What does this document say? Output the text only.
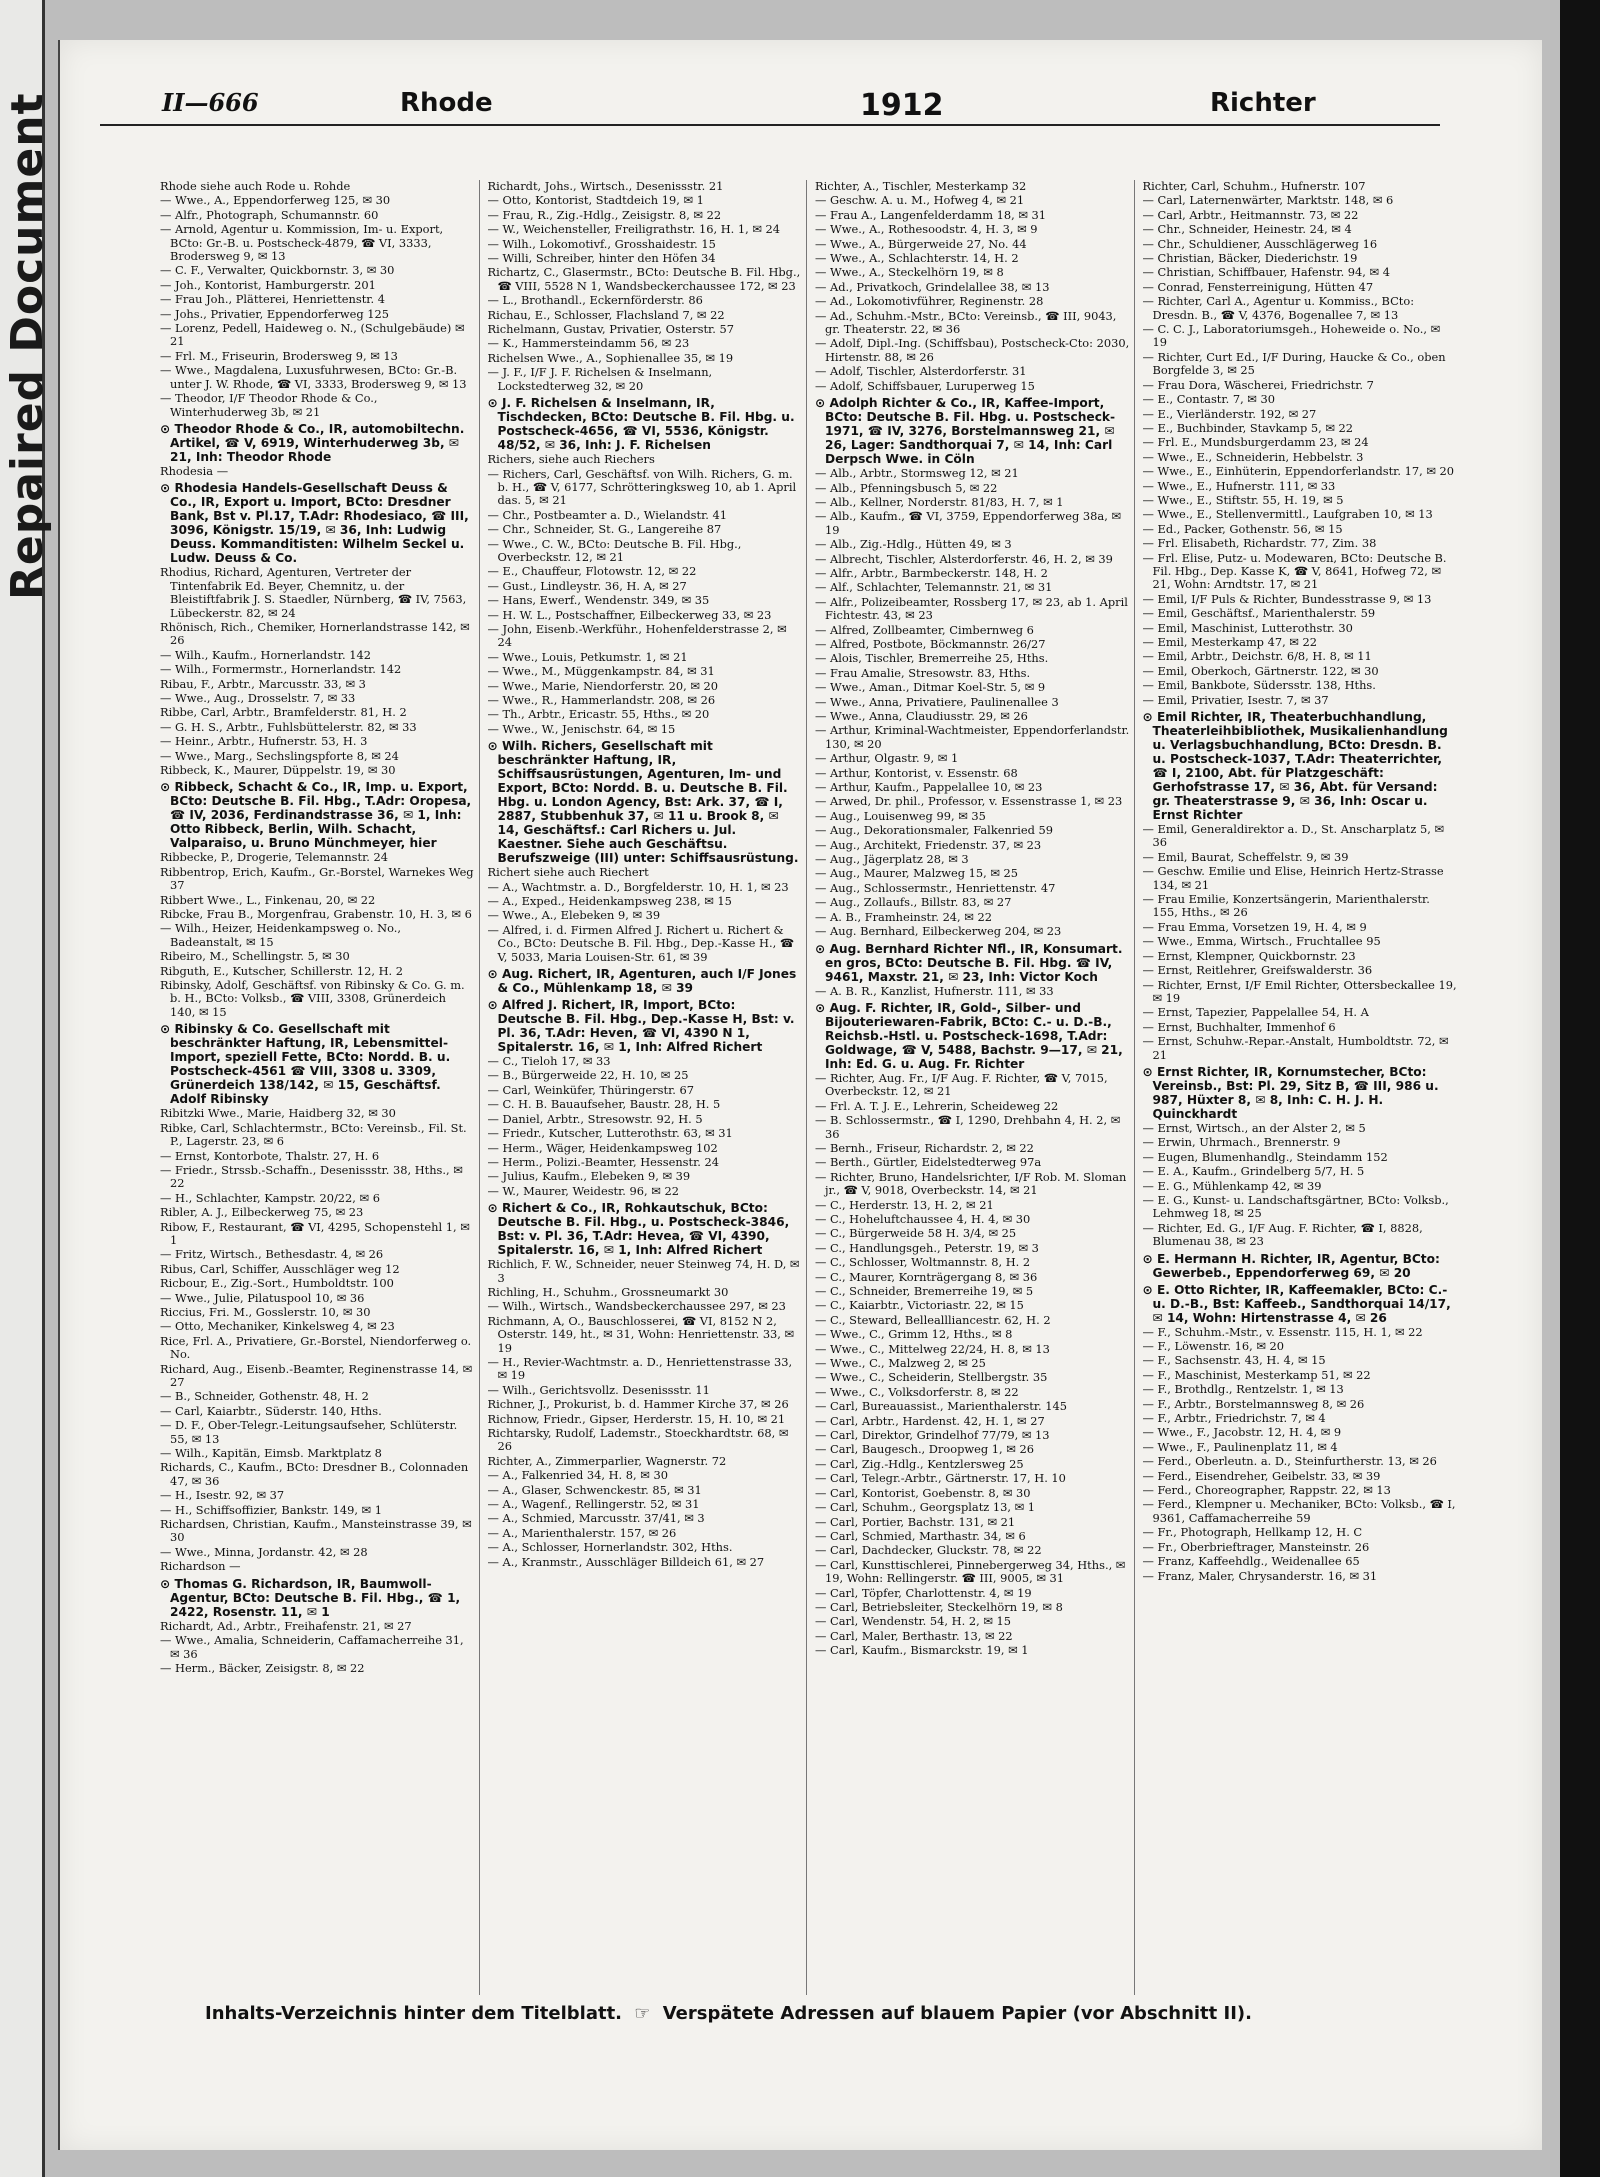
Repaired Document	II—666	Rhode	1912	Richter
Rhode siehe auch Rode u. Rohde
— Wwe., A., Eppendorferweg 125, ✉ 30
— Alfr., Photograph, Schumannstr. 60
— Arnold, Agentur u. Kommission, Im- u. Export, BCto: Gr.-B. u. Postscheck-4879, ☎ VI, 3333, Brodersweg 9, ✉ 13
— C. F., Verwalter, Quickbornstr. 3, ✉ 30
— Joh., Kontorist, Hamburgerstr. 201
— Frau Joh., Plätterei, Henriettenstr. 4
— Johs., Privatier, Eppendorferweg 125
— Lorenz, Pedell, Haideweg o. N., (Schulgebäude) ✉ 21
— Frl. M., Friseurin, Brodersweg 9, ✉ 13
— Wwe., Magdalena, Luxusfuhrwesen, BCto: Gr.-B. unter J. W. Rhode, ☎ VI, 3333, Brodersweg 9, ✉ 13
— Theodor, I/F Theodor Rhode & Co., Winterhuderweg 3b, ✉ 21
⊙ Theodor Rhode & Co., IR, automobiltechn. Artikel, ☎ V, 6919, Winterhuderweg 3b, ✉ 21, Inh: Theodor Rhode
Rhodesia —
⊙ Rhodesia Handels-Gesellschaft Deuss & Co., IR, Export u. Import, BCto: Dresdner Bank, Bst v. Pl.17, T.Adr: Rhodesiaco, ☎ III, 3096, Königstr. 15/19, ✉ 36, Inh: Ludwig Deuss. Kommanditisten: Wilhelm Seckel u. Ludw. Deuss & Co.
Rhodius, Richard, Agenturen, Vertreter der Tintenfabrik Ed. Beyer, Chemnitz, u. der Bleistiftfabrik J. S. Staedler, Nürnberg, ☎ IV, 7563, Lübeckerstr. 82, ✉ 24
Rhönisch, Rich., Chemiker, Hornerlandstrasse 142, ✉ 26
— Wilh., Kaufm., Hornerlandstr. 142
— Wilh., Formermstr., Hornerlandstr. 142
Ribau, F., Arbtr., Marcusstr. 33, ✉ 3
— Wwe., Aug., Drosselstr. 7, ✉ 33
Ribbe, Carl, Arbtr., Bramfelderstr. 81, H. 2
— G. H. S., Arbtr., Fuhlsbüttelerstr. 82, ✉ 33
— Heinr., Arbtr., Hufnerstr. 53, H. 3
— Wwe., Marg., Sechslingspforte 8, ✉ 24
Ribbeck, K., Maurer, Düppelstr. 19, ✉ 30
⊙ Ribbeck, Schacht & Co., IR, Imp. u. Export, BCto: Deutsche B. Fil. Hbg., T.Adr: Oropesa, ☎ IV, 2036, Ferdinandstrasse 36, ✉ 1, Inh: Otto Ribbeck, Berlin, Wilh. Schacht, Valparaiso, u. Bruno Münchmeyer, hier
Ribbecke, P., Drogerie, Telemannstr. 24
Ribbentrop, Erich, Kaufm., Gr.-Borstel, Warnekes Weg 37
Ribbert Wwe., L., Finkenau, 20, ✉ 22
Ribcke, Frau B., Morgenfrau, Grabenstr. 10, H. 3, ✉ 6
— Wilh., Heizer, Heidenkampsweg o. No., Badeanstalt, ✉ 15
Ribeiro, M., Schellingstr. 5, ✉ 30
Ribguth, E., Kutscher, Schillerstr. 12, H. 2
Ribinsky, Adolf, Geschäftsf. von Ribinsky & Co. G. m. b. H., BCto: Volksb., ☎ VIII, 3308, Grünerdeich 140, ✉ 15
⊙ Ribinsky & Co. Gesellschaft mit beschränkter Haftung, IR, Lebensmittel-Import, speziell Fette, BCto: Nordd. B. u. Postscheck-4561 ☎ VIII, 3308 u. 3309, Grünerdeich 138/142, ✉ 15, Geschäftsf. Adolf Ribinsky
Ribitzki Wwe., Marie, Haidberg 32, ✉ 30
Ribke, Carl, Schlachtermstr., BCto: Vereinsb., Fil. St. P., Lagerstr. 23, ✉ 6
— Ernst, Kontorbote, Thalstr. 27, H. 6
— Friedr., Strssb.-Schaffn., Desenissstr. 38, Hths., ✉ 22
— H., Schlachter, Kampstr. 20/22, ✉ 6
Ribler, A. J., Eilbeckerweg 75, ✉ 23
Ribow, F., Restaurant, ☎ VI, 4295, Schopenstehl 1, ✉ 1
— Fritz, Wirtsch., Bethesdastr. 4, ✉ 26
Ribus, Carl, Schiffer, Ausschläger weg 12
Ricbour, E., Zig.-Sort., Humboldtstr. 100
— Wwe., Julie, Pilatuspool 10, ✉ 36
Riccius, Fri. M., Gosslerstr. 10, ✉ 30
— Otto, Mechaniker, Kinkelsweg 4, ✉ 23
Rice, Frl. A., Privatiere, Gr.-Borstel, Niendorferweg o. No.
Richard, Aug., Eisenb.-Beamter, Reginenstrasse 14, ✉ 27
— B., Schneider, Gothenstr. 48, H. 2
— Carl, Kaiarbtr., Süderstr. 140, Hths.
— D. F., Ober-Telegr.-Leitungsaufseher, Schlüterstr. 55, ✉ 13
— Wilh., Kapitän, Eimsb. Marktplatz 8
Richards, C., Kaufm., BCto: Dresdner B., Colonnaden 47, ✉ 36
— H., Isestr. 92, ✉ 37
— H., Schiffsoffizier, Bankstr. 149, ✉ 1
Richardsen, Christian, Kaufm., Mansteinstrasse 39, ✉ 30
— Wwe., Minna, Jordanstr. 42, ✉ 28
Richardson —
⊙ Thomas G. Richardson, IR, Baumwoll-Agentur, BCto: Deutsche B. Fil. Hbg., ☎ 1, 2422, Rosenstr. 11, ✉ 1
Richardt, Ad., Arbtr., Freihafenstr. 21, ✉ 27
— Wwe., Amalia, Schneiderin, Caffamacherreihe 31, ✉ 36
— Herm., Bäcker, Zeisigstr. 8, ✉ 22
Richardt, Johs., Wirtsch., Desenissstr. 21
— Otto, Kontorist, Stadtdeich 19, ✉ 1
— Frau, R., Zig.-Hdlg., Zeisigstr. 8, ✉ 22
— W., Weichensteller, Freiligrathstr. 16, H. 1, ✉ 24
— Wilh., Lokomotivf., Grosshaidestr. 15
— Willi, Schreiber, hinter den Höfen 34
Richartz, C., Glasermstr., BCto: Deutsche B. Fil. Hbg., ☎ VIII, 5528 N 1, Wandsbeckerchaussee 172, ✉ 23
— L., Brothandl., Eckernförderstr. 86
Richau, E., Schlosser, Flachsland 7, ✉ 22
Richelmann, Gustav, Privatier, Osterstr. 57
— K., Hammersteindamm 56, ✉ 23
Richelsen Wwe., A., Sophienallee 35, ✉ 19
— J. F., I/F J. F. Richelsen & Inselmann, Lockstedterweg 32, ✉ 20
⊙ J. F. Richelsen & Inselmann, IR, Tischdecken, BCto: Deutsche B. Fil. Hbg. u. Postscheck-4656, ☎ VI, 5536, Königstr. 48/52, ✉ 36, Inh: J. F. Richelsen
Richers, siehe auch Riechers
— Richers, Carl, Geschäftsf. von Wilh. Richers, G. m. b. H., ☎ V, 6177, Schrötteringksweg 10, ab 1. April das. 5, ✉ 21
— Chr., Postbeamter a. D., Wielandstr. 41
— Chr., Schneider, St. G., Langereihe 87
— Wwe., C. W., BCto: Deutsche B. Fil. Hbg., Overbeckstr. 12, ✉ 21
— E., Chauffeur, Flotowstr. 12, ✉ 22
— Gust., Lindleystr. 36, H. A, ✉ 27
— Hans, Ewerf., Wendenstr. 349, ✉ 35
— H. W. L., Postschaffner, Eilbeckerweg 33, ✉ 23
— John, Eisenb.-Werkführ., Hohenfelderstrasse 2, ✉ 24
— Wwe., Louis, Petkumstr. 1, ✉ 21
— Wwe., M., Müggenkampstr. 84, ✉ 31
— Wwe., Marie, Niendorferstr. 20, ✉ 20
— Wwe., R., Hammerlandstr. 208, ✉ 26
— Th., Arbtr., Ericastr. 55, Hths., ✉ 20
— Wwe., W., Jenischstr. 64, ✉ 15
⊙ Wilh. Richers, Gesellschaft mit beschränkter Haftung, IR, Schiffsausrüstungen, Agenturen, Im- und Export, BCto: Nordd. B. u. Deutsche B. Fil. Hbg. u. London Agency, Bst: Ark. 37, ☎ I, 2887, Stubbenhuk 37, ✉ 11 u. Brook 8, ✉ 14, Geschäftsf.: Carl Richers u. Jul. Kaestner. Siehe auch Geschäftsu. Berufszweige (III) unter: Schiffsausrüstung.
Richert siehe auch Riechert
— A., Wachtmstr. a. D., Borgfelderstr. 10, H. 1, ✉ 23
— A., Exped., Heidenkampsweg 238, ✉ 15
— Wwe., A., Elebeken 9, ✉ 39
— Alfred, i. d. Firmen Alfred J. Richert u. Richert & Co., BCto: Deutsche B. Fil. Hbg., Dep.-Kasse H., ☎ V, 5033, Maria Louisen-Str. 61, ✉ 39
⊙ Aug. Richert, IR, Agenturen, auch I/F Jones & Co., Mühlenkamp 18, ✉ 39
⊙ Alfred J. Richert, IR, Import, BCto: Deutsche B. Fil. Hbg., Dep.-Kasse H, Bst: v. Pl. 36, T.Adr: Heven, ☎ VI, 4390 N 1, Spitalerstr. 16, ✉ 1, Inh: Alfred Richert
— C., Tieloh 17, ✉ 33
— B., Bürgerweide 22, H. 10, ✉ 25
— Carl, Weinküfer, Thüringerstr. 67
— C. H. B. Bauaufseher, Baustr. 28, H. 5
— Daniel, Arbtr., Stresowstr. 92, H. 5
— Friedr., Kutscher, Lutterothstr. 63, ✉ 31
— Herm., Wäger, Heidenkampsweg 102
— Herm., Polizi.-Beamter, Hessenstr. 24
— Julius, Kaufm., Elebeken 9, ✉ 39
— W., Maurer, Weidestr. 96, ✉ 22
⊙ Richert & Co., IR, Rohkautschuk, BCto: Deutsche B. Fil. Hbg., u. Postscheck-3846, Bst: v. Pl. 36, T.Adr: Hevea, ☎ VI, 4390, Spitalerstr. 16, ✉ 1, Inh: Alfred Richert
Richlich, F. W., Schneider, neuer Steinweg 74, H. D, ✉ 3
Richling, H., Schuhm., Grossneumarkt 30
— Wilh., Wirtsch., Wandsbeckerchaussee 297, ✉ 23
Richmann, A, O., Bauschlosserei, ☎ VI, 8152 N 2, Osterstr. 149, ht., ✉ 31, Wohn: Henriettenstr. 33, ✉ 19
— H., Revier-Wachtmstr. a. D., Henriettenstrasse 33, ✉ 19
— Wilh., Gerichtsvollz. Desenissstr. 11
Richner, J., Prokurist, b. d. Hammer Kirche 37, ✉ 26
Richnow, Friedr., Gipser, Herderstr. 15, H. 10, ✉ 21
Richtarsky, Rudolf, Lademstr., Stoeckhardtstr. 68, ✉ 26
Richter, A., Zimmerparlier, Wagnerstr. 72
— A., Falkenried 34, H. 8, ✉ 30
— A., Glaser, Schwenckestr. 85, ✉ 31
— A., Wagenf., Rellingerstr. 52, ✉ 31
— A., Schmied, Marcusstr. 37/41, ✉ 3
— A., Marienthalerstr. 157, ✉ 26
— A., Schlosser, Hornerlandstr. 302, Hths.
— A., Kranmstr., Ausschläger Billdeich 61, ✉ 27
Richter, A., Tischler, Mesterkamp 32
— Geschw. A. u. M., Hofweg 4, ✉ 21
— Frau A., Langenfelderdamm 18, ✉ 31
— Wwe., A., Rothesoodstr. 4, H. 3, ✉ 9
— Wwe., A., Bürgerweide 27, No. 44
— Wwe., A., Schlachterstr. 14, H. 2
— Wwe., A., Steckelhörn 19, ✉ 8
— Ad., Privatkoch, Grindelallee 38, ✉ 13
— Ad., Lokomotivführer, Reginenstr. 28
— Ad., Schuhm.-Mstr., BCto: Vereinsb., ☎ III, 9043, gr. Theaterstr. 22, ✉ 36
— Adolf, Dipl.-Ing. (Schiffsbau), Postscheck-Cto: 2030, Hirtenstr. 88, ✉ 26
— Adolf, Tischler, Alsterdorferstr. 31
— Adolf, Schiffsbauer, Luruperweg 15
⊙ Adolph Richter & Co., IR, Kaffee-Import, BCto: Deutsche B. Fil. Hbg. u. Postscheck-1971, ☎ IV, 3276, Borstelmannsweg 21, ✉ 26, Lager: Sandthorquai 7, ✉ 14, Inh: Carl Derpsch Wwe. in Cöln
— Alb., Arbtr., Stormsweg 12, ✉ 21
— Alb., Pfenningsbusch 5, ✉ 22
— Alb., Kellner, Norderstr. 81/83, H. 7, ✉ 1
— Alb., Kaufm., ☎ VI, 3759, Eppendorferweg 38a, ✉ 19
— Alb., Zig.-Hdlg., Hütten 49, ✉ 3
— Albrecht, Tischler, Alsterdorferstr. 46, H. 2, ✉ 39
— Alfr., Arbtr., Barmbeckerstr. 148, H. 2
— Alf., Schlachter, Telemannstr. 21, ✉ 31
— Alfr., Polizeibeamter, Rossberg 17, ✉ 23, ab 1. April Fichtestr. 43, ✉ 23
— Alfred, Zollbeamter, Cimbernweg 6
— Alfred, Postbote, Böckmannstr. 26/27
— Alois, Tischler, Bremerreihe 25, Hths.
— Frau Amalie, Stresowstr. 83, Hths.
— Wwe., Aman., Ditmar Koel-Str. 5, ✉ 9
— Wwe., Anna, Privatiere, Paulinenallee 3
— Wwe., Anna, Claudiusstr. 29, ✉ 26
— Arthur, Kriminal-Wachtmeister, Eppendorferlandstr. 130, ✉ 20
— Arthur, Olgastr. 9, ✉ 1
— Arthur, Kontorist, v. Essenstr. 68
— Arthur, Kaufm., Pappelallee 10, ✉ 23
— Arwed, Dr. phil., Professor, v. Essenstrasse 1, ✉ 23
— Aug., Louisenweg 99, ✉ 35
— Aug., Dekorationsmaler, Falkenried 59
— Aug., Architekt, Friedenstr. 37, ✉ 23
— Aug., Jägerplatz 28, ✉ 3
— Aug., Maurer, Malzweg 15, ✉ 25
— Aug., Schlossermstr., Henriettenstr. 47
— Aug., Zollaufs., Billstr. 83, ✉ 27
— A. B., Framheinstr. 24, ✉ 22
— Aug. Bernhard, Eilbeckerweg 204, ✉ 23
⊙ Aug. Bernhard Richter Nfl., IR, Konsumart. en gros, BCto: Deutsche B. Fil. Hbg. ☎ IV, 9461, Maxstr. 21, ✉ 23, Inh: Victor Koch
— A. B. R., Kanzlist, Hufnerstr. 111, ✉ 33
⊙ Aug. F. Richter, IR, Gold-, Silber- und Bijouteriewaren-Fabrik, BCto: C.- u. D.-B., Reichsb.-Hstl. u. Postscheck-1698, T.Adr: Goldwage, ☎ V, 5488, Bachstr. 9—17, ✉ 21, Inh: Ed. G. u. Aug. Fr. Richter
— Richter, Aug. Fr., I/F Aug. F. Richter, ☎ V, 7015, Overbeckstr. 12, ✉ 21
— Frl. A. T. J. E., Lehrerin, Scheideweg 22
— B. Schlossermstr., ☎ I, 1290, Drehbahn 4, H. 2, ✉ 36
— Bernh., Friseur, Richardstr. 2, ✉ 22
— Berth., Gürtler, Eidelstedterweg 97a
— Richter, Bruno, Handelsrichter, I/F Rob. M. Sloman jr., ☎ V, 9018, Overbeckstr. 14, ✉ 21
— C., Herderstr. 13, H. 2, ✉ 21
— C., Hoheluftchaussee 4, H. 4, ✉ 30
— C., Bürgerweide 58 H. 3/4, ✉ 25
— C., Handlungsgeh., Peterstr. 19, ✉ 3
— C., Schlosser, Woltmannstr. 8, H. 2
— C., Maurer, Kornträgergang 8, ✉ 36
— C., Schneider, Bremerreihe 19, ✉ 5
— C., Kaiarbtr., Victoriastr. 22, ✉ 15
— C., Steward, Belleallliancestr. 62, H. 2
— Wwe., C., Grimm 12, Hths., ✉ 8
— Wwe., C., Mittelweg 22/24, H. 8, ✉ 13
— Wwe., C., Malzweg 2, ✉ 25
— Wwe., C., Scheiderin, Stellbergstr. 35
— Wwe., C., Volksdorferstr. 8, ✉ 22
— Carl, Bureauassist., Marienthalerstr. 145
— Carl, Arbtr., Hardenst. 42, H. 1, ✉ 27
— Carl, Direktor, Grindelhof 77/79, ✉ 13
— Carl, Baugesch., Droopweg 1, ✉ 26
— Carl, Zig.-Hdlg., Kentzlersweg 25
— Carl, Telegr.-Arbtr., Gärtnerstr. 17, H. 10
— Carl, Kontorist, Goebenstr. 8, ✉ 30
— Carl, Schuhm., Georgsplatz 13, ✉ 1
— Carl, Portier, Bachstr. 131, ✉ 21
— Carl, Schmied, Marthastr. 34, ✉ 6
— Carl, Dachdecker, Gluckstr. 78, ✉ 22
— Carl, Kunsttischlerei, Pinnebergerweg 34, Hths., ✉ 19, Wohn: Rellingerstr. ☎ III, 9005, ✉ 31
— Carl, Töpfer, Charlottenstr. 4, ✉ 19
— Carl, Betriebsleiter, Steckelhörn 19, ✉ 8
— Carl, Wendenstr. 54, H. 2, ✉ 15
— Carl, Maler, Berthastr. 13, ✉ 22
— Carl, Kaufm., Bismarckstr. 19, ✉ 1
Richter, Carl, Schuhm., Hufnerstr. 107
— Carl, Laternenwärter, Marktstr. 148, ✉ 6
— Carl, Arbtr., Heitmannstr. 73, ✉ 22
— Chr., Schneider, Heinestr. 24, ✉ 4
— Chr., Schuldiener, Ausschlägerweg 16
— Christian, Bäcker, Diederichstr. 19
— Christian, Schiffbauer, Hafenstr. 94, ✉ 4
— Conrad, Fensterreinigung, Hütten 47
— Richter, Carl A., Agentur u. Kommiss., BCto: Dresdn. B., ☎ V, 4376, Bogenallee 7, ✉ 13
— C. C. J., Laboratoriumsgeh., Hoheweide o. No., ✉ 19
— Richter, Curt Ed., I/F During, Haucke & Co., oben Borgfelde 3, ✉ 25
— Frau Dora, Wäscherei, Friedrichstr. 7
— E., Contastr. 7, ✉ 30
— E., Vierländerstr. 192, ✉ 27
— E., Buchbinder, Stavkamp 5, ✉ 22
— Frl. E., Mundsburgerdamm 23, ✉ 24
— Wwe., E., Schneiderin, Hebbelstr. 3
— Wwe., E., Einhüterin, Eppendorferlandstr. 17, ✉ 20
— Wwe., E., Hufnerstr. 111, ✉ 33
— Wwe., E., Stiftstr. 55, H. 19, ✉ 5
— Wwe., E., Stellenvermittl., Laufgraben 10, ✉ 13
— Ed., Packer, Gothenstr. 56, ✉ 15
— Frl. Elisabeth, Richardstr. 77, Zim. 38
— Frl. Elise, Putz- u. Modewaren, BCto: Deutsche B. Fil. Hbg., Dep. Kasse K, ☎ V, 8641, Hofweg 72, ✉ 21, Wohn: Arndtstr. 17, ✉ 21
— Emil, I/F Puls & Richter, Bundesstrasse 9, ✉ 13
— Emil, Geschäftsf., Marienthalerstr. 59
— Emil, Maschinist, Lutterothstr. 30
— Emil, Mesterkamp 47, ✉ 22
— Emil, Arbtr., Deichstr. 6/8, H. 8, ✉ 11
— Emil, Oberkoch, Gärtnerstr. 122, ✉ 30
— Emil, Bankbote, Südersstr. 138, Hths.
— Emil, Privatier, Isestr. 7, ✉ 37
⊙ Emil Richter, IR, Theaterbuchhandlung, Theaterleihbibliothek, Musikalienhandlung u. Verlagsbuchhandlung, BCto: Dresdn. B. u. Postscheck-1037, T.Adr: Theaterrichter, ☎ I, 2100, Abt. für Platzgeschäft: Gerhofstrasse 17, ✉ 36, Abt. für Versand: gr. Theaterstrasse 9, ✉ 36, Inh: Oscar u. Ernst Richter
— Emil, Generaldirektor a. D., St. Anscharplatz 5, ✉ 36
— Emil, Baurat, Scheffelstr. 9, ✉ 39
— Geschw. Emilie und Elise, Heinrich Hertz-Strasse 134, ✉ 21
— Frau Emilie, Konzertsängerin, Marienthalerstr. 155, Hths., ✉ 26
— Frau Emma, Vorsetzen 19, H. 4, ✉ 9
— Wwe., Emma, Wirtsch., Fruchtallee 95
— Ernst, Klempner, Quickbornstr. 23
— Ernst, Reitlehrer, Greifswalderstr. 36
— Richter, Ernst, I/F Emil Richter, Ottersbeckallee 19, ✉ 19
— Ernst, Tapezier, Pappelallee 54, H. A
— Ernst, Buchhalter, Immenhof 6
— Ernst, Schuhw.-Repar.-Anstalt, Humboldtstr. 72, ✉ 21
⊙ Ernst Richter, IR, Kornumstecher, BCto: Vereinsb., Bst: Pl. 29, Sitz B, ☎ III, 986 u. 987, Hüxter 8, ✉ 8, Inh: C. H. J. H. Quinckhardt
— Ernst, Wirtsch., an der Alster 2, ✉ 5
— Erwin, Uhrmach., Brennerstr. 9
— Eugen, Blumenhandlg., Steindamm 152
— E. A., Kaufm., Grindelberg 5/7, H. 5
— E. G., Mühlenkamp 42, ✉ 39
— E. G., Kunst- u. Landschaftsgärtner, BCto: Volksb., Lehmweg 18, ✉ 25
— Richter, Ed. G., I/F Aug. F. Richter, ☎ I, 8828, Blumenau 38, ✉ 23
⊙ E. Hermann H. Richter, IR, Agentur, BCto: Gewerbeb., Eppendorferweg 69, ✉ 20
⊙ E. Otto Richter, IR, Kaffeemakler, BCto: C.- u. D.-B., Bst: Kaffeeb., Sandthorquai 14/17, ✉ 14, Wohn: Hirtenstrasse 4, ✉ 26
— F., Schuhm.-Mstr., v. Essenstr. 115, H. 1, ✉ 22
— F., Löwenstr. 16, ✉ 20
— F., Sachsenstr. 43, H. 4, ✉ 15
— F., Maschinist, Mesterkamp 51, ✉ 22
— F., Brothdlg., Rentzelstr. 1, ✉ 13
— F., Arbtr., Borstelmannsweg 8, ✉ 26
— F., Arbtr., Friedrichstr. 7, ✉ 4
— Wwe., F., Jacobstr. 12, H. 4, ✉ 9
— Wwe., F., Paulinenplatz 11, ✉ 4
— Ferd., Oberleutn. a. D., Steinfurtherstr. 13, ✉ 26
— Ferd., Eisendreher, Geibelstr. 33, ✉ 39
— Ferd., Choreographer, Rappstr. 22, ✉ 13
— Ferd., Klempner u. Mechaniker, BCto: Volksb., ☎ I, 9361, Caffamacherreihe 59
— Fr., Photograph, Hellkamp 12, H. C
— Fr., Oberbrieftrager, Mansteinstr. 26
— Franz, Kaffeehdlg., Weidenallee 65
— Franz, Maler, Chrysanderstr. 16, ✉ 31
Inhalts-Verzeichnis hinter dem Titelblatt. ☞ Verspätete Adressen auf blauem Papier (vor Abschnitt II).
